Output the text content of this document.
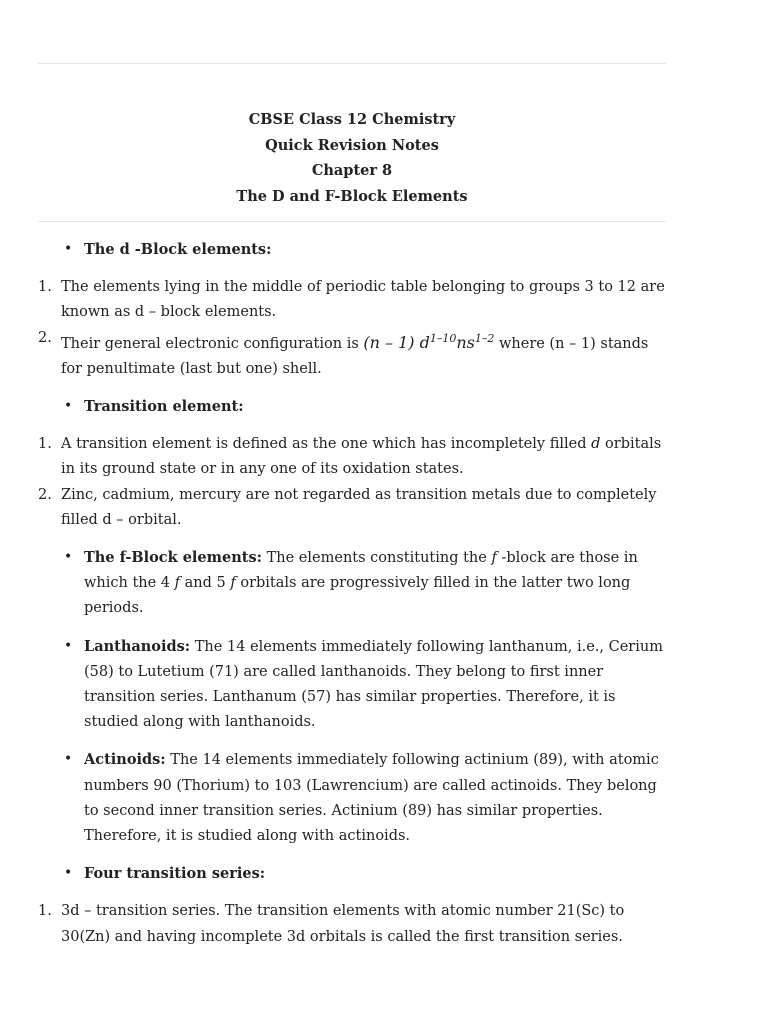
CBSE Class 12 Chemistry
Quick Revision Notes
Chapter 8
The D and F-Block Elements
• The d -Block elements:
1. The elements lying in the middle of periodic table belonging to groups 3 to 12 are known as d – block elements.
2. Their general electronic configuration is (n – 1) $d^{1-10}ns^{1-2}$ where (n – 1) stands for penultimate (last but one) shell.
• Transition element:
1. A transition element is defined as the one which has incompletely filled d orbitals in its ground state or in any one of its oxidation states.
2. Zinc, cadmium, mercury are not regarded as transition metals due to completely filled d – orbital.
• The f-Block elements: The elements constituting the f -block are those in which the 4 f and 5 f orbitals are progressively filled in the latter two long periods.
• Lanthanoids: The 14 elements immediately following lanthanum, i.e., Cerium (58) to Lutetium (71) are called lanthanoids. They belong to first inner transition series. Lanthanum (57) has similar properties. Therefore, it is studied along with lanthanoids.
• Actinoids: The 14 elements immediately following actinium (89), with atomic numbers 90 (Thorium) to 103 (Lawrencium) are called actinoids. They belong to second inner transition series. Actinium (89) has similar properties. Therefore, it is studied along with actinoids.
• Four transition series:
1. 3d – transition series. The transition elements with atomic number 21(Sc) to 30(Zn) and having incomplete 3d orbitals is called the first transition series.
